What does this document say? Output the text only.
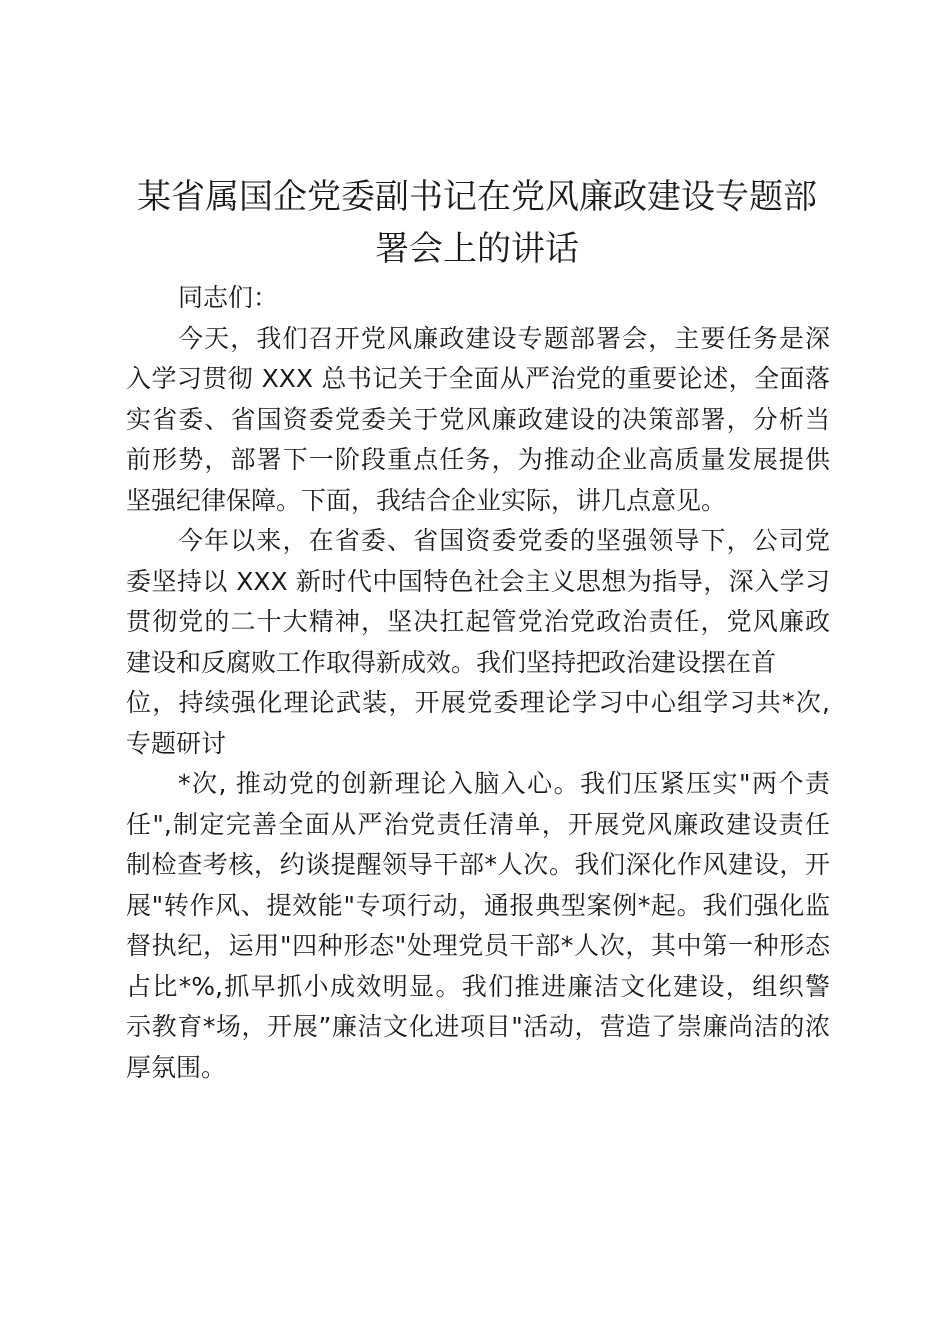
某省属国企党委副书记在党风廉政建设专题部
署会上的讲话
同志们：
今天，我们召开党风廉政建设专题部署会，主要任务是深
入学习贯彻 XXX 总书记关于全面从严治党的重要论述，全面落
实省委、省国资委党委关于党风廉政建设的决策部署，分析当
前形势，部署下一阶段重点任务，为推动企业高质量发展提供
坚强纪律保障。下面，我结合企业实际，讲几点意见。
今年以来，在省委、省国资委党委的坚强领导下，公司党
委坚持以 XXX 新时代中国特色社会主义思想为指导，深入学习
贯彻党的二十大精神，坚决扛起管党治党政治责任，党风廉政
建设和反腐败工作取得新成效。我们坚持把政治建设摆在首
位，持续强化理论武装，开展党委理论学习中心组学习共*次,
专题研讨
*次, 推动党的创新理论入脑入心。我们压紧压实"两个责
任",制定完善全面从严治党责任清单，开展党风廉政建设责任
制检查考核，约谈提醒领导干部*人次。我们深化作风建设，开
展"转作风、提效能"专项行动，通报典型案例*起。我们强化监
督执纪，运用"四种形态"处理党员干部*人次，其中第一种形态
占比*%,抓早抓小成效明显。我们推进廉洁文化建设，组织警
示教育*场，开展”廉洁文化进项目"活动，营造了崇廉尚洁的浓
厚氛围。
